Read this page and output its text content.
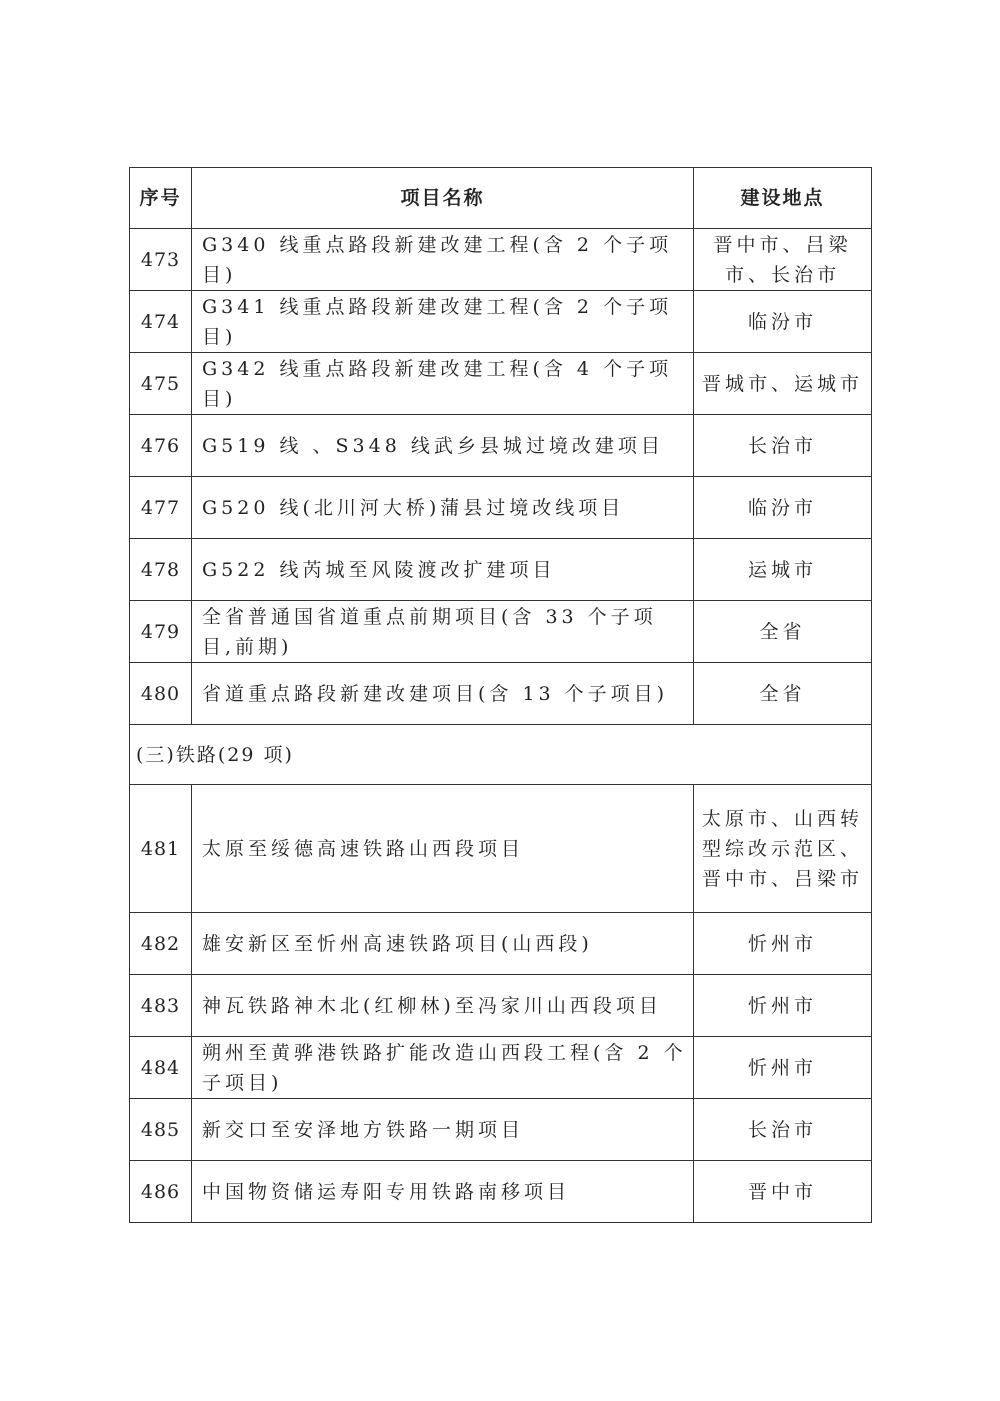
序号	项目名称	建设地点
473	G340 线重点路段新建改建工程(含 2 个子项目)	晋中市、吕梁市、长治市
474	G341 线重点路段新建改建工程(含 2 个子项目)	临汾市
475	G342 线重点路段新建改建工程(含 4 个子项目)	晋城市、运城市
476	G519 线 、S348 线武乡县城过境改建项目	长治市
477	G520 线(北川河大桥)蒲县过境改线项目	临汾市
478	G522 线芮城至风陵渡改扩建项目	运城市
479	全省普通国省道重点前期项目(含 33 个子项目,前期)	全省
480	省道重点路段新建改建项目(含 13 个子项目)	全省
(三)铁路(29 项)		
481	太原至绥德高速铁路山西段项目	太原市、山西转型综改示范区、晋中市、吕梁市
482	雄安新区至忻州高速铁路项目(山西段)	忻州市
483	神瓦铁路神木北(红柳林)至冯家川山西段项目	忻州市
484	朔州至黄骅港铁路扩能改造山西段工程(含 2 个子项目)	忻州市
485	新交口至安泽地方铁路一期项目	长治市
486	中国物资储运寿阳专用铁路南移项目	晋中市
